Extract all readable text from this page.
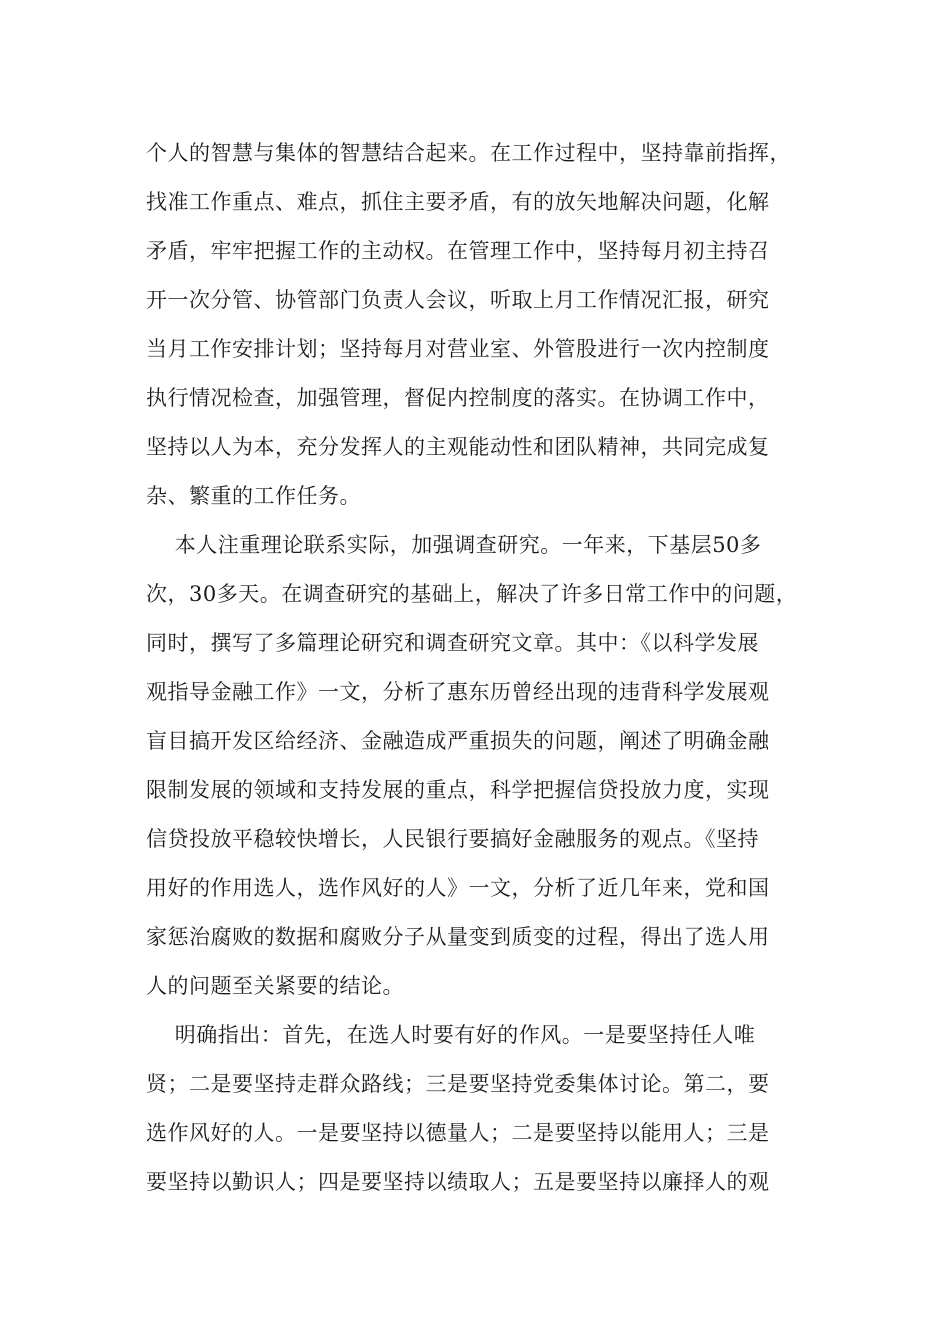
个人的智慧与集体的智慧结合起来。在工作过程中，坚持靠前指挥，
找准工作重点、难点，抓住主要矛盾，有的放矢地解决问题，化解
矛盾，牢牢把握工作的主动权。在管理工作中，坚持每月初主持召
开一次分管、协管部门负责人会议，听取上月工作情况汇报，研究
当月工作安排计划；坚持每月对营业室、外管股进行一次内控制度
执行情况检查，加强管理，督促内控制度的落实。在协调工作中，
坚持以人为本，充分发挥人的主观能动性和团队精神，共同完成复
杂、繁重的工作任务。
本人注重理论联系实际，加强调查研究。一年来，下基层50多
次，30多天。在调查研究的基础上，解决了许多日常工作中的问题，
同时，撰写了多篇理论研究和调查研究文章。其中：《以科学发展
观指导金融工作》一文，分析了惠东历曾经出现的违背科学发展观
盲目搞开发区给经济、金融造成严重损失的问题，阐述了明确金融
限制发展的领域和支持发展的重点，科学把握信贷投放力度，实现
信贷投放平稳较快增长，人民银行要搞好金融服务的观点。《坚持
用好的作用选人，选作风好的人》一文，分析了近几年来，党和国
家惩治腐败的数据和腐败分子从量变到质变的过程，得出了选人用
人的问题至关紧要的结论。
明确指出：首先，在选人时要有好的作风。一是要坚持任人唯
贤；二是要坚持走群众路线；三是要坚持党委集体讨论。第二，要
选作风好的人。一是要坚持以德量人；二是要坚持以能用人；三是
要坚持以勤识人；四是要坚持以绩取人；五是要坚持以廉择人的观
